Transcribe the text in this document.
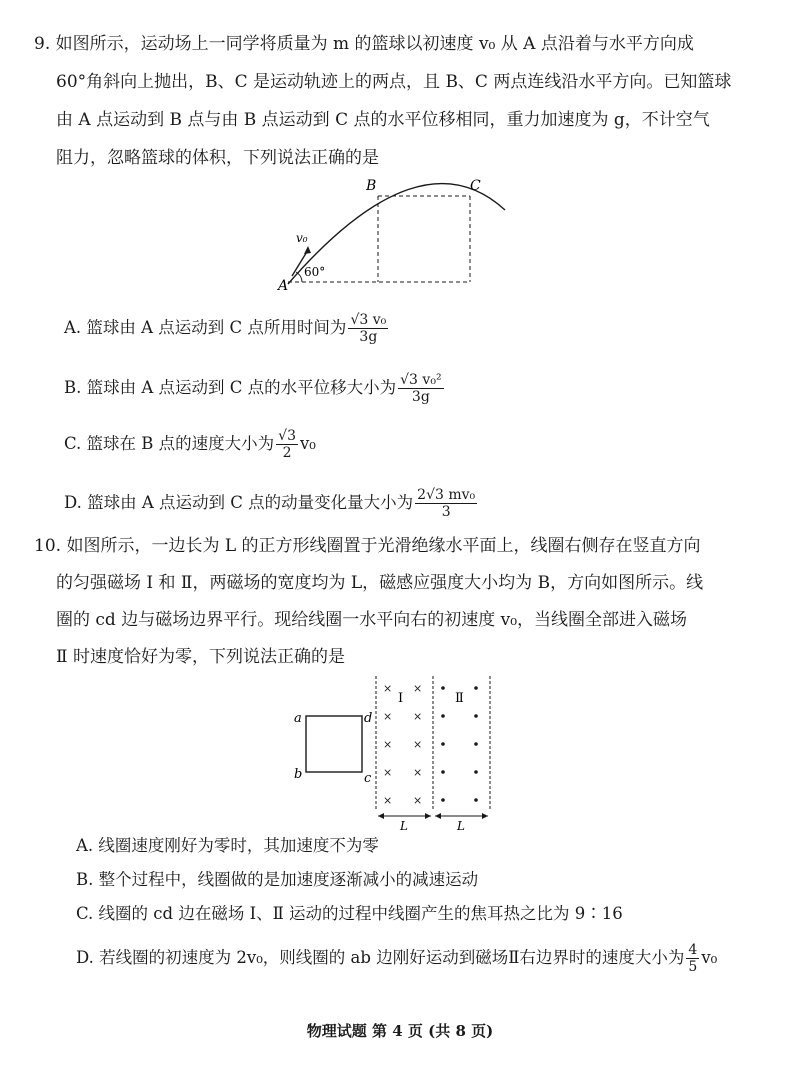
9. 如图所示，运动场上一同学将质量为 m 的篮球以初速度 v₀ 从 A 点沿着与水平方向成
60°角斜向上抛出，B、C 是运动轨迹上的两点，且 B、C 两点连线沿水平方向。已知篮球
由 A 点运动到 B 点与由 B 点运动到 C 点的水平位移相同，重力加速度为 g，不计空气
阻力，忽略篮球的体积，下列说法正确的是
B	C
A
v₀
60°
A. 篮球由 A 点运动到 C 点所用时间为 $\frac{\text{√3 v₀}}{3g}$
B. 篮球由 A 点运动到 C 点的水平位移大小为 $\frac{\text{√3 v₀²}}{3g}$
C. 篮球在 B 点的速度大小为 $\frac{√3}{2} v_0$
D. 篮球由 A 点运动到 C 点的动量变化量大小为 $\frac{\text{2√3 mv₀}}{3}$
10. 如图所示，一边长为 L 的正方形线圈置于光滑绝缘水平面上，线圈右侧存在竖直方向
的匀强磁场 Ⅰ 和 Ⅱ，两磁场的宽度均为 L，磁感应强度大小均为 B，方向如图所示。线
圈的 cd 边与磁场边界平行。现给线圈一水平向右的初速度 v₀，当线圈全部进入磁场
Ⅱ 时速度恰好为零，下列说法正确的是
a	d
b	c
× ×
× ×
× ×
× ×
× ×
Ⅰ	Ⅱ
L	L
A. 线圈速度刚好为零时，其加速度不为零
B. 整个过程中，线圈做的是加速度逐渐减小的减速运动
C. 线圈的 cd 边在磁场 Ⅰ、Ⅱ 运动的过程中线圈产生的焦耳热之比为 9∶16
D. 若线圈的初速度为 2v₀，则线圈的 ab 边刚好运动到磁场Ⅱ右边界时的速度大小为 $\frac{4}{5} v_0$
物理试题 第 4 页 (共 8 页)
